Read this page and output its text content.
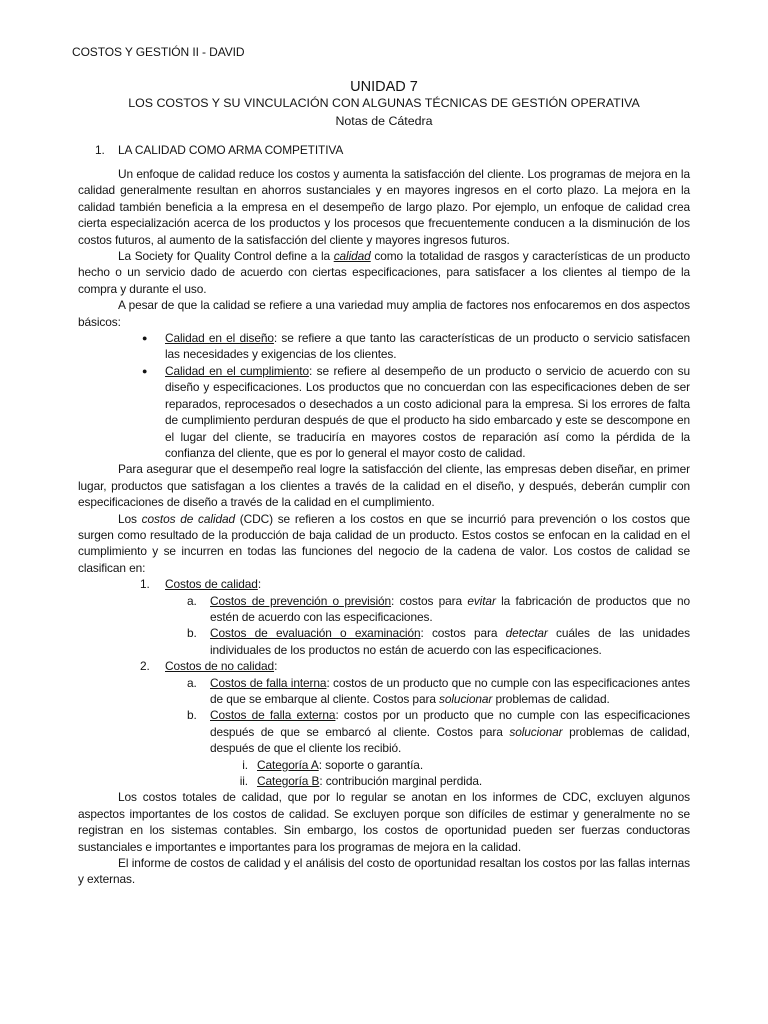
COSTOS Y GESTIÓN II - DAVID
UNIDAD 7
LOS COSTOS Y SU VINCULACIÓN CON ALGUNAS TÉCNICAS DE GESTIÓN OPERATIVA
Notas de Cátedra
1. LA CALIDAD COMO ARMA COMPETITIVA

Un enfoque de calidad reduce los costos y aumenta la satisfacción del cliente. Los programas de mejora en la calidad generalmente resultan en ahorros sustanciales y en mayores ingresos en el corto plazo. La mejora en la calidad también beneficia a la empresa en el desempeño de largo plazo. Por ejemplo, un enfoque de calidad crea cierta especialización acerca de los productos y los procesos que frecuentemente conducen a la disminución de los costos futuros, al aumento de la satisfacción del cliente y mayores ingresos futuros.

La Society for Quality Control define a la calidad como la totalidad de rasgos y características de un producto hecho o un servicio dado de acuerdo con ciertas especificaciones, para satisfacer a los clientes al tiempo de la compra y durante el uso.

A pesar de que la calidad se refiere a una variedad muy amplia de factores nos enfocaremos en dos aspectos básicos:

● Calidad en el diseño: se refiere a que tanto las características de un producto o servicio satisfacen las necesidades y exigencias de los clientes.
● Calidad en el cumplimiento: se refiere al desempeño de un producto o servicio de acuerdo con su diseño y especificaciones. Los productos que no concuerdan con las especificaciones deben de ser reparados, reprocesados o desechados a un costo adicional para la empresa. Si los errores de falta de cumplimiento perduran después de que el producto ha sido embarcado y este se descompone en el lugar del cliente, se traduciría en mayores costos de reparación así como la pérdida de la confianza del cliente, que es por lo general el mayor costo de calidad.

Para asegurar que el desempeño real logre la satisfacción del cliente, las empresas deben diseñar, en primer lugar, productos que satisfagan a los clientes a través de la calidad en el diseño, y después, deberán cumplir con especificaciones de diseño a través de la calidad en el cumplimiento.

Los costos de calidad (CDC) se refieren a los costos en que se incurrió para prevención o los costos que surgen como resultado de la producción de baja calidad de un producto. Estos costos se enfocan en la calidad en el cumplimiento y se incurren en todas las funciones del negocio de la cadena de valor. Los costos de calidad se clasifican en:

1. Costos de calidad:
a. Costos de prevención o previsión: costos para evitar la fabricación de productos que no estén de acuerdo con las especificaciones.
b. Costos de evaluación o examinación: costos para detectar cuáles de las unidades individuales de los productos no están de acuerdo con las especificaciones.
2. Costos de no calidad:
a. Costos de falla interna: costos de un producto que no cumple con las especificaciones antes de que se embarque al cliente. Costos para solucionar problemas de calidad.
b. Costos de falla externa: costos por un producto que no cumple con las especificaciones después de que se embarcó al cliente. Costos para solucionar problemas de calidad, después de que el cliente los recibió.
i. Categoría A: soporte o garantía.
ii. Categoría B: contribución marginal perdida.

Los costos totales de calidad, que por lo regular se anotan en los informes de CDC, excluyen algunos aspectos importantes de los costos de calidad. Se excluyen porque son difíciles de estimar y generalmente no se registran en los sistemas contables. Sin embargo, los costos de oportunidad pueden ser fuerzas conductoras sustanciales e importantes e importantes para los programas de mejora en la calidad.

El informe de costos de calidad y el análisis del costo de oportunidad resaltan los costos por las fallas internas y externas.
